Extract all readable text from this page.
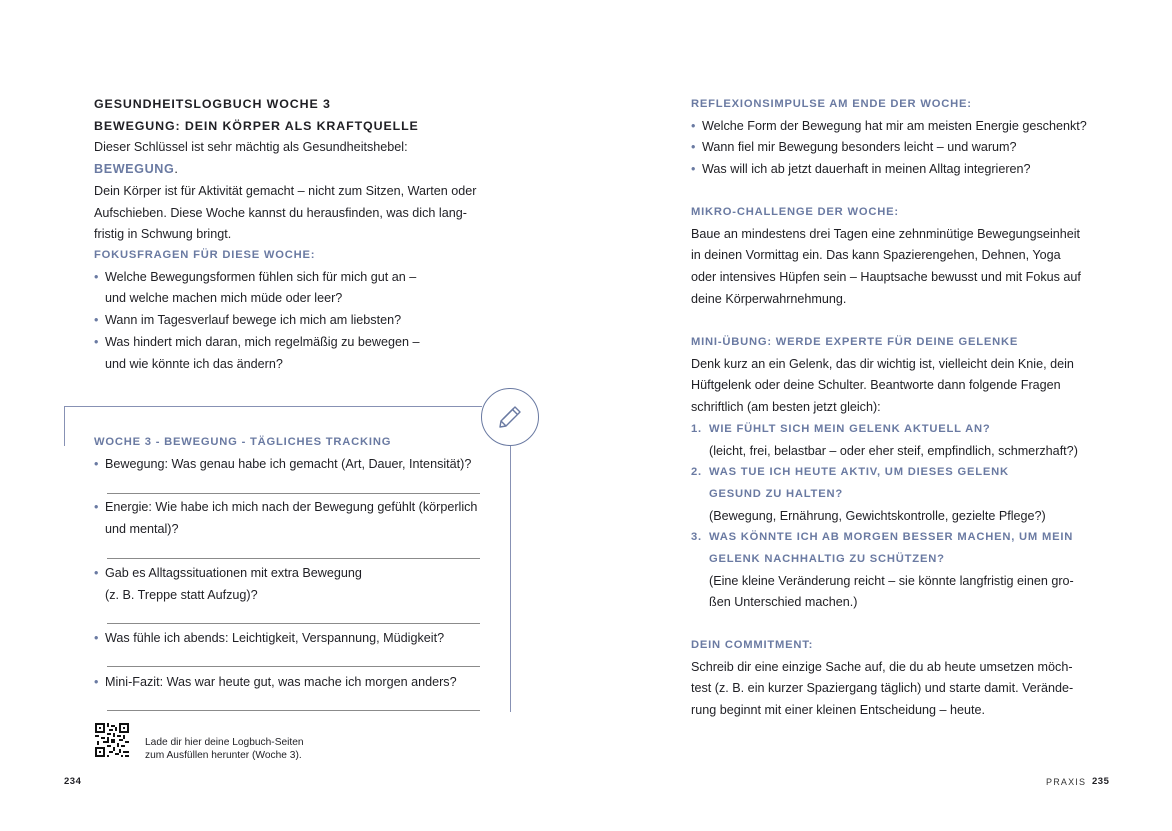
GESUNDHEITSLOGBUCH WOCHE 3
BEWEGUNG: DEIN KÖRPER ALS KRAFTQUELLE
Dieser Schlüssel ist sehr mächtig als Gesundheitshebel: BEWEGUNG.
Dein Körper ist für Aktivität gemacht – nicht zum Sitzen, Warten oder
Aufschieben. Diese Woche kannst du herausfinden, was dich lang-
fristig in Schwung bringt.
FOKUSFRAGEN FÜR DIESE WOCHE:
• Welche Bewegungsformen fühlen sich für mich gut an –
und welche machen mich müde oder leer?
• Wann im Tagesverlauf bewege ich mich am liebsten?
• Was hindert mich daran, mich regelmäßig zu bewegen –
und wie könnte ich das ändern?
WOCHE 3 - BEWEGUNG - TÄGLICHES TRACKING
• Bewegung: Was genau habe ich gemacht (Art, Dauer, Intensität)?
• Energie: Wie habe ich mich nach der Bewegung gefühlt (körperlich
und mental)?
• Gab es Alltagssituationen mit extra Bewegung
(z. B. Treppe statt Aufzug)?
• Was fühle ich abends: Leichtigkeit, Verspannung, Müdigkeit?
• Mini-Fazit: Was war heute gut, was mache ich morgen anders?
Lade dir hier deine Logbuch-Seiten
zum Ausfüllen herunter (Woche 3).
234
REFLEXIONSIMPULSE AM ENDE DER WOCHE:
• Welche Form der Bewegung hat mir am meisten Energie geschenkt?
• Wann fiel mir Bewegung besonders leicht – und warum?
• Was will ich ab jetzt dauerhaft in meinen Alltag integrieren?
MIKRO-CHALLENGE DER WOCHE:
Baue an mindestens drei Tagen eine zehnminütige Bewegungseinheit
in deinen Vormittag ein. Das kann Spazierengehen, Dehnen, Yoga
oder intensives Hüpfen sein – Hauptsache bewusst und mit Fokus auf
deine Körperwahrnehmung.
MINI-ÜBUNG: WERDE EXPERTE FÜR DEINE GELENKE
Denk kurz an ein Gelenk, das dir wichtig ist, vielleicht dein Knie, dein
Hüftgelenk oder deine Schulter. Beantworte dann folgende Fragen
schriftlich (am besten jetzt gleich):
1. WIE FÜHLT SICH MEIN GELENK AKTUELL AN?
(leicht, frei, belastbar – oder eher steif, empfindlich, schmerzhaft?)
2. WAS TUE ICH HEUTE AKTIV, UM DIESES GELENK
GESUND ZU HALTEN?
(Bewegung, Ernährung, Gewichtskontrolle, gezielte Pflege?)
3. WAS KÖNNTE ICH AB MORGEN BESSER MACHEN, UM MEIN
GELENK NACHHALTIG ZU SCHÜTZEN?
(Eine kleine Veränderung reicht – sie könnte langfristig einen gro-
ßen Unterschied machen.)
DEIN COMMITMENT:
Schreib dir eine einzige Sache auf, die du ab heute umsetzen möch-
test (z. B. ein kurzer Spaziergang täglich) und starte damit. Verände-
rung beginnt mit einer kleinen Entscheidung – heute.
PRAXIS 235
